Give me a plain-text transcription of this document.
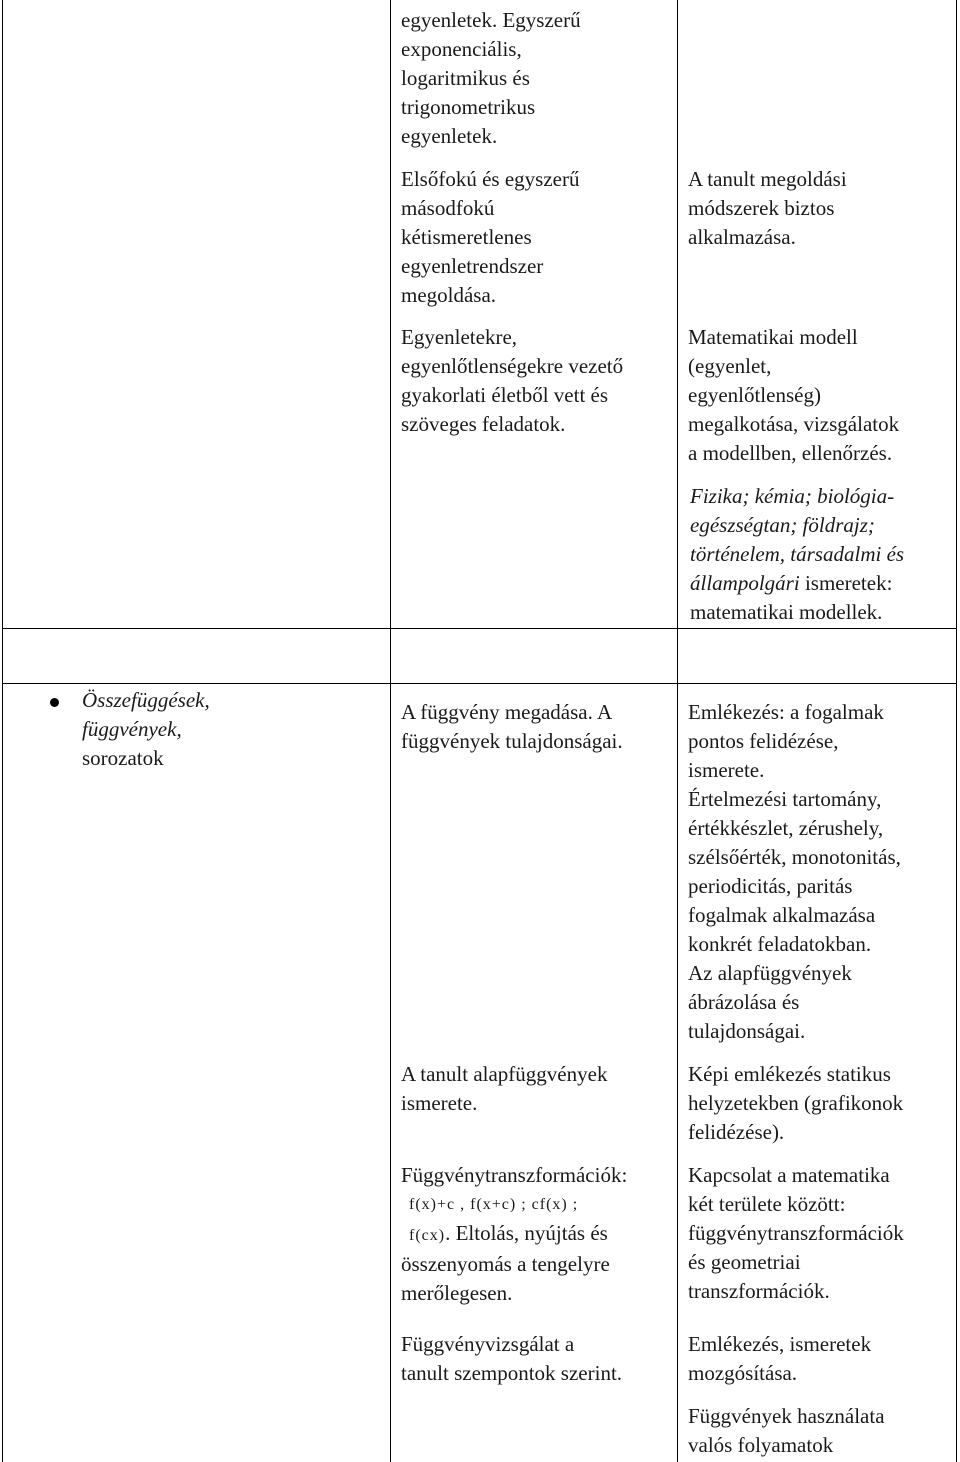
egyenletek. Egyszerű

exponenciális,

logaritmikus és

trigonometrikus

egyenletek.

Elsőfokú és egyszerű

másodfokú

kétismeretlenes

egyenletrendszer

megoldása.

Egyenletekre,

egyenlőtlenségekre vezető

gyakorlati életből vett és

szöveges feladatok.

A tanult megoldási

módszerek biztos

alkalmazása.

Matematikai modell

(egyenlet,

egyenlőtlenség)

megalkotása, vizsgálatok

a modellben, ellenőrzés.

Fizika; kémia; biológia-

egészségtan; földrajz;

történelem, társadalmi és

állampolgári ismeretek:

matematikai modellek.

Összefüggések,

függvények,

sorozatok

A függvény megadása. A

függvények tulajdonságai.

Emlékezés: a fogalmak

pontos felidézése,

ismerete.

Értelmezési tartomány,

értékkészlet, zérushely,

szélsőérték, monotonitás,

periodicitás, paritás

fogalmak alkalmazása

konkrét feladatokban.

Az alapfüggvények

ábrázolása és

tulajdonságai.

A tanult alapfüggvények

ismerete.

Képi emlékezés statikus

helyzetekben (grafikonok

felidézése).

Függvénytranszformációk:

f(x)+c , f(x+c) ; cf(x) ;

f(cx). Eltolás, nyújtás és

összenyomás a tengelyre

merőlegesen.

Kapcsolat a matematika

két területe között:

függvénytranszformációk

és geometriai

transzformációk.

Függvényvizsgálat a

tanult szempontok szerint.

Emlékezés, ismeretek

mozgósítása.

Függvények használata

valós folyamatok
